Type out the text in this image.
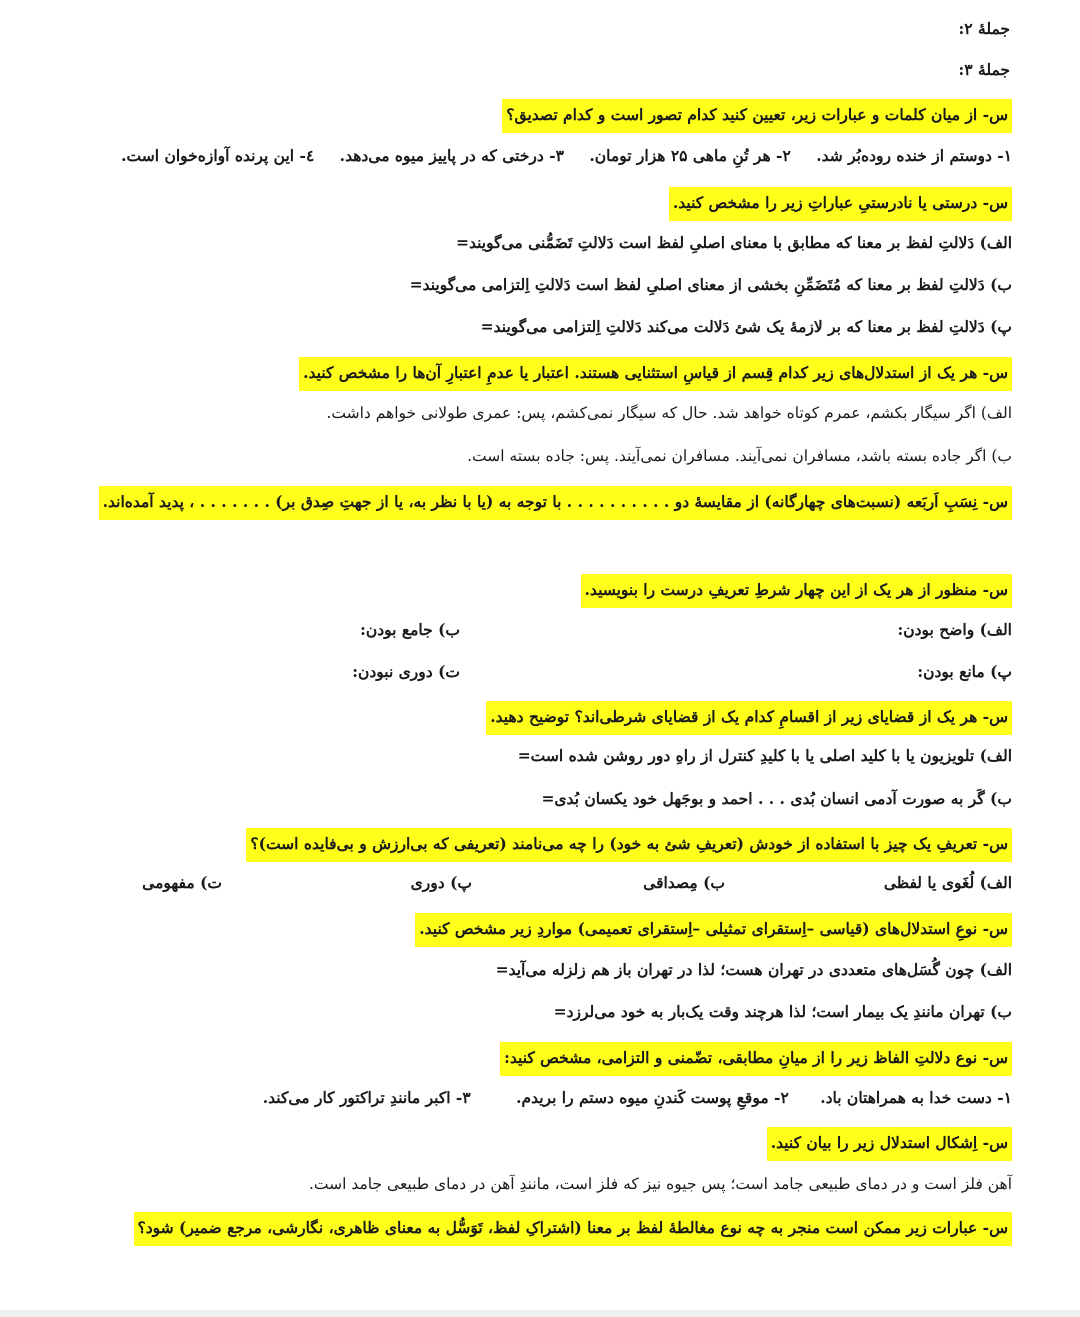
جملهٔ ۲:
جملهٔ ۳:
س- از میان کلمات و عبارات زیر، تعیین کنید کدام تصور است و کدام تصدیق؟
۱- دوستم از خنده روده‌بُر شد. ۲- هر تُنِ ماهی ۲۵ هزار تومان. ۳- درختی که در پاییز میوه می‌دهد. ٤- این پرنده آوازه‌خوان است.
س- درستی یا نادرستیِ عباراتِ زیر را مشخص کنید.
الف) دَلالتِ لفظ بر معنا که مطابق با معنای اصلیِ لفظ است دَلالتِ تَضَمُّنی می‌گویند=
ب) دَلالتِ لفظ بر معنا که مُتَضَمِّنِ بخشی از معنای اصلیِ لفظ است دَلالتِ اِلتزامی می‌گویند=
پ) دَلالتِ لفظ بر معنا که بر لازمهٔ یک شئ دَلالت می‌کند دَلالتِ اِلتزامی می‌گویند=
س- هر یک از استدلال‌های زیر کدام قِسم از قیاسِ استثنایی هستند. اعتبار یا عدمِ اعتبارِ آن‌ها را مشخص کنید.
الف) اگر سیگار بکشم، عمرم کوتاه خواهد شد. حال که سیگار نمی‌کشم، پس: عمری طولانی خواهم داشت.
ب) اگر جاده بسته باشد، مسافران نمی‌آیند. مسافران نمی‌آیند. پس: جاده بسته است.
س- نِسَبِ اَربَعه (نسبت‌های چهارگانه) از مقایسهٔ دو . . . . . . . . . . با توجه به (یا با نظر به، یا از جهتِ صِدق بر) . . . . . . . ، پدید آمده‌اند.
س- منظور از هر یک از این چهار شرطِ تعریفِ درست را بنویسید.
الف) واضح بودن:
ب) جامع بودن:
پ) مانع بودن:
ت) دوری نبودن:
س- هر یک از قضایای زیر از اقسامِ کدام یک از قضایای شرطی‌اند؟ توضیح دهید.
الف) تلویزیون یا با کلید اصلی یا با کلیدِ کنترل از راهِ دور روشن شده است=
ب) گَر به صورت آدمی انسان بُدی . . . احمد و بوجَهل خود یکسان بُدی=
س- تعریفِ یک چیز با استفاده از خودش (تعریفِ شئ به خود) را چه می‌نامند (تعریفی که بی‌ارزش و بی‌فایده است)؟
الف) لُغَوی یا لفظی
ب) مِصداقی
پ) دوری
ت) مفهومی
س- نوعِ استدلال‌های (قیاسی –اِستقرای تمثیلی –اِستقرای تعمیمی) مواردِ زیر مشخص کنید.
الف) چون گُسَل‌های متعددی در تهران هست؛ لذا در تهران باز هم زلزله می‌آید=
ب) تهران مانندِ یک بیمار است؛ لذا هرچند وقت یک‌بار به خود می‌لرزد=
س- نوع دلالتِ الفاظ زیر را از میانِ مطابقی، تضّمنی و التزامی، مشخص کنید:
۱- دست خدا به همراهتان باد. ۲- موقعِ پوست کَندنِ میوه دستم را بریدم. ۳- اکبر مانندِ تراکتور کار می‌کند.
س- اِشکال استدلال زیر را بیان کنید.
آهن فلز است و در دمای طبیعی جامد است؛ پس جیوه نیز که فلز است، مانندِ آهن در دمای طبیعی جامد است.
س- عبارات زیر ممکن است منجر به چه نوع مغالطهٔ لفظ بر معنا (اشتراکِ لفظ، تَوَسُّل به معنای ظاهری، نگارشی، مرجع ضمیر) شود؟
